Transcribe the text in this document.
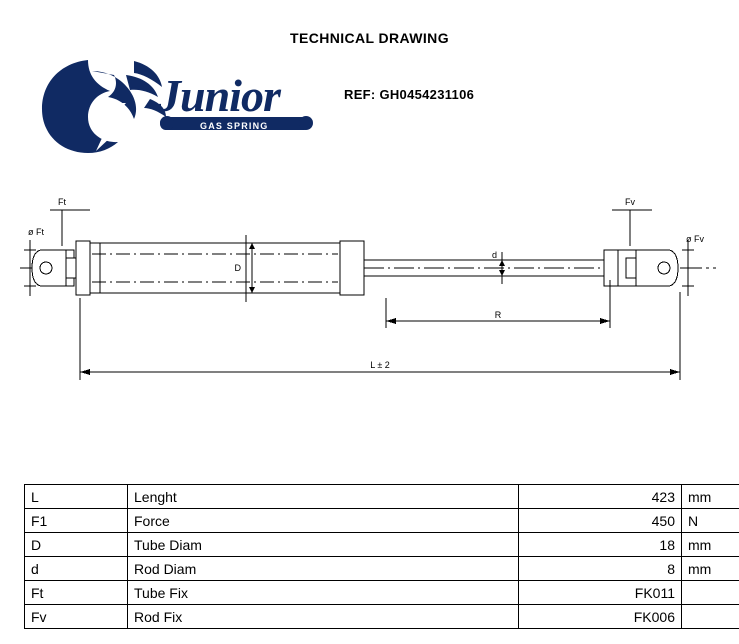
TECHNICAL DRAWING
REF: GH0454231106
Junior
GAS SPRING
Ft	Fv
ø Ft
ø Fv
D
d
R
L ± 2
L	Lenght	423	mm
F1	Force	450	N
D	Tube Diam	18	mm
d	Rod Diam	8	mm
Ft	Tube Fix	FK011	
Fv	Rod Fix	FK006	
